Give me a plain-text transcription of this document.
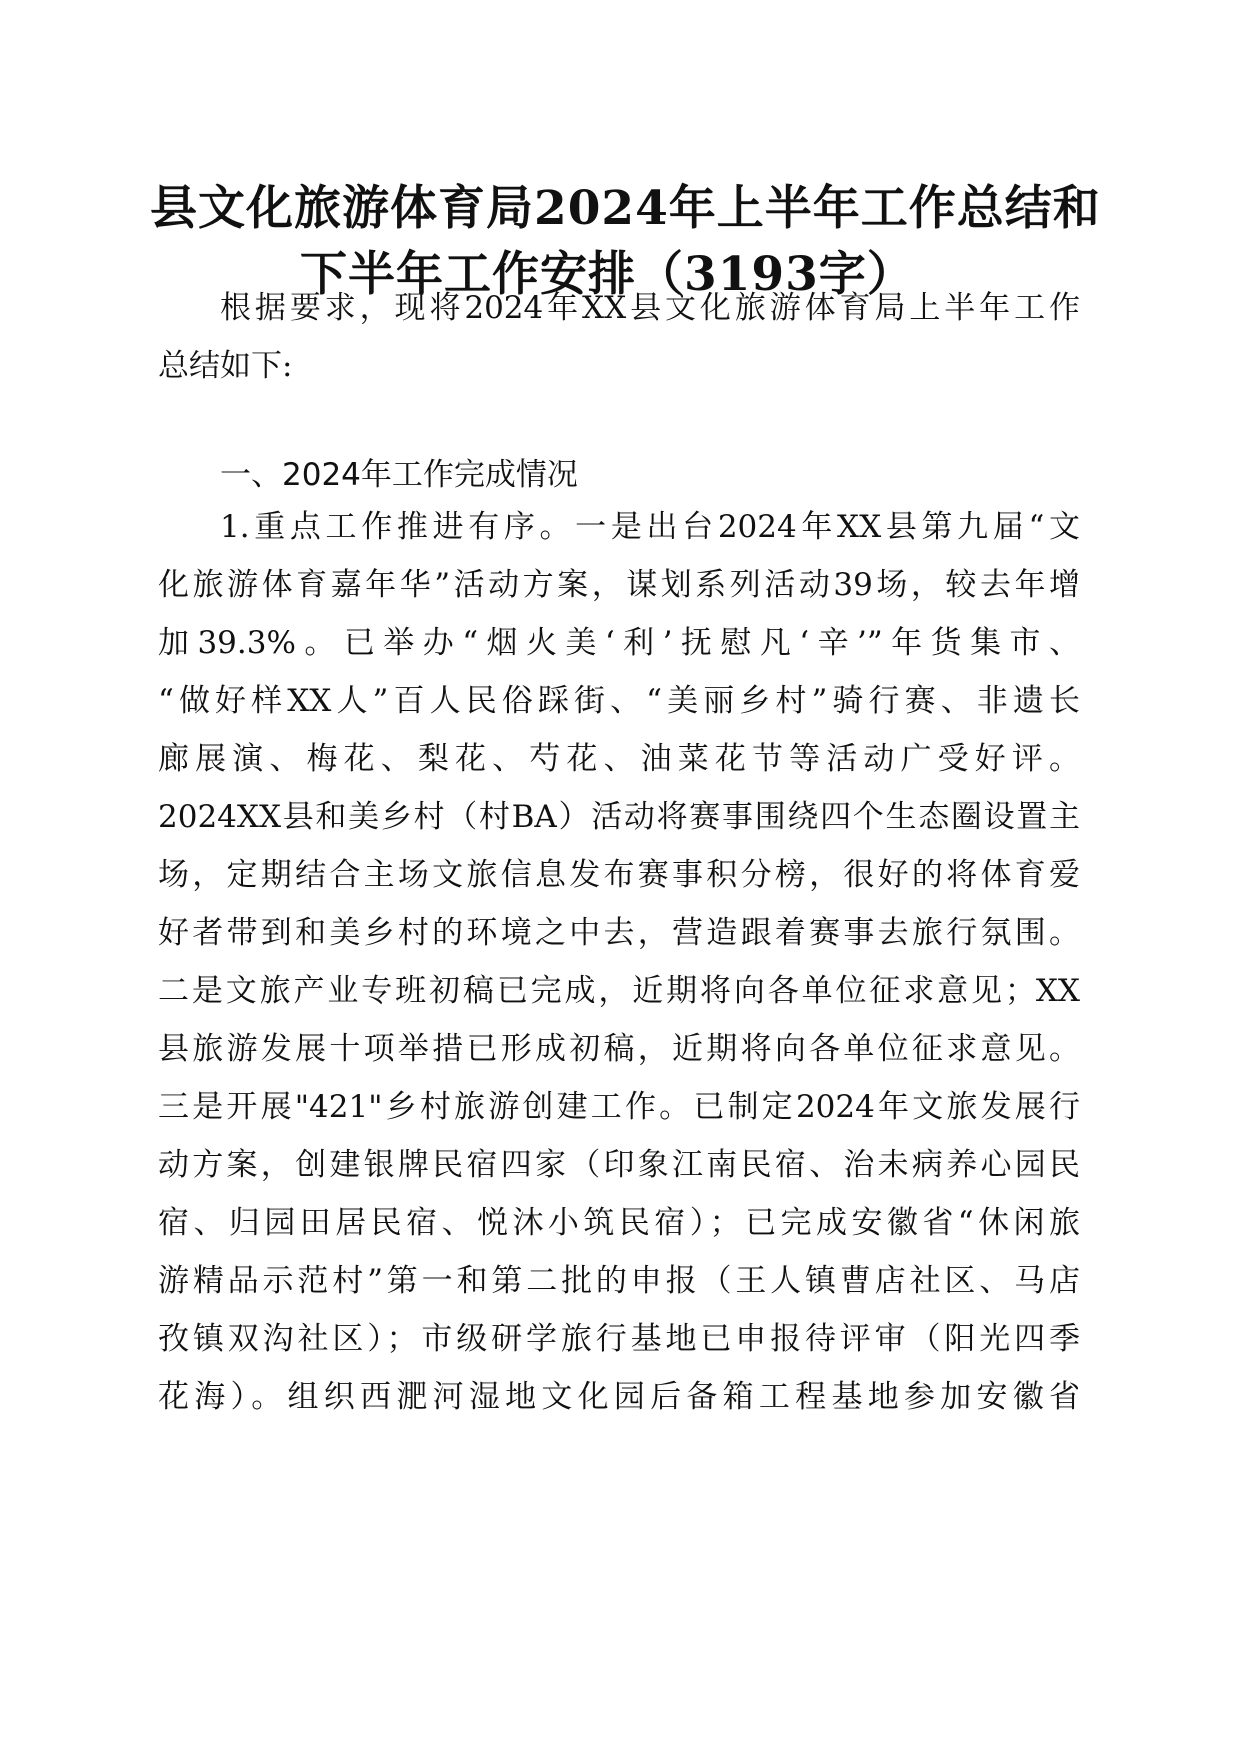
县文化旅游体育局2024年上半年工作总结和
下半年工作安排（3193字）
根据要求，现将2024年XX县文化旅游体育局上半年工作
总结如下:
一、2024年工作完成情况
1.重点工作推进有序。一是出台2024年XX县第九届“文
化旅游体育嘉年华”活动方案，谋划系列活动39场，较去年增
加39.3%。已举办“烟火美‘利’抚慰凡‘辛’”年货集市、
“做好样XX人”百人民俗踩街、“美丽乡村”骑行赛、非遗长
廊展演、梅花、梨花、芍花、油菜花节等活动广受好评。
2024XX县和美乡村（村BA）活动将赛事围绕四个生态圈设置主
场，定期结合主场文旅信息发布赛事积分榜，很好的将体育爱
好者带到和美乡村的环境之中去，营造跟着赛事去旅行氛围。
二是文旅产业专班初稿已完成，近期将向各单位征求意见；XX
县旅游发展十项举措已形成初稿，近期将向各单位征求意见。
三是开展"421"乡村旅游创建工作。已制定2024年文旅发展行
动方案，创建银牌民宿四家（印象江南民宿、治未病养心园民
宿、归园田居民宿、悦沐小筑民宿）；已完成安徽省“休闲旅
游精品示范村”第一和第二批的申报（王人镇曹店社区、马店
孜镇双沟社区）；市级研学旅行基地已申报待评审（阳光四季
花海）。组织西淝河湿地文化园后备箱工程基地参加安徽省
